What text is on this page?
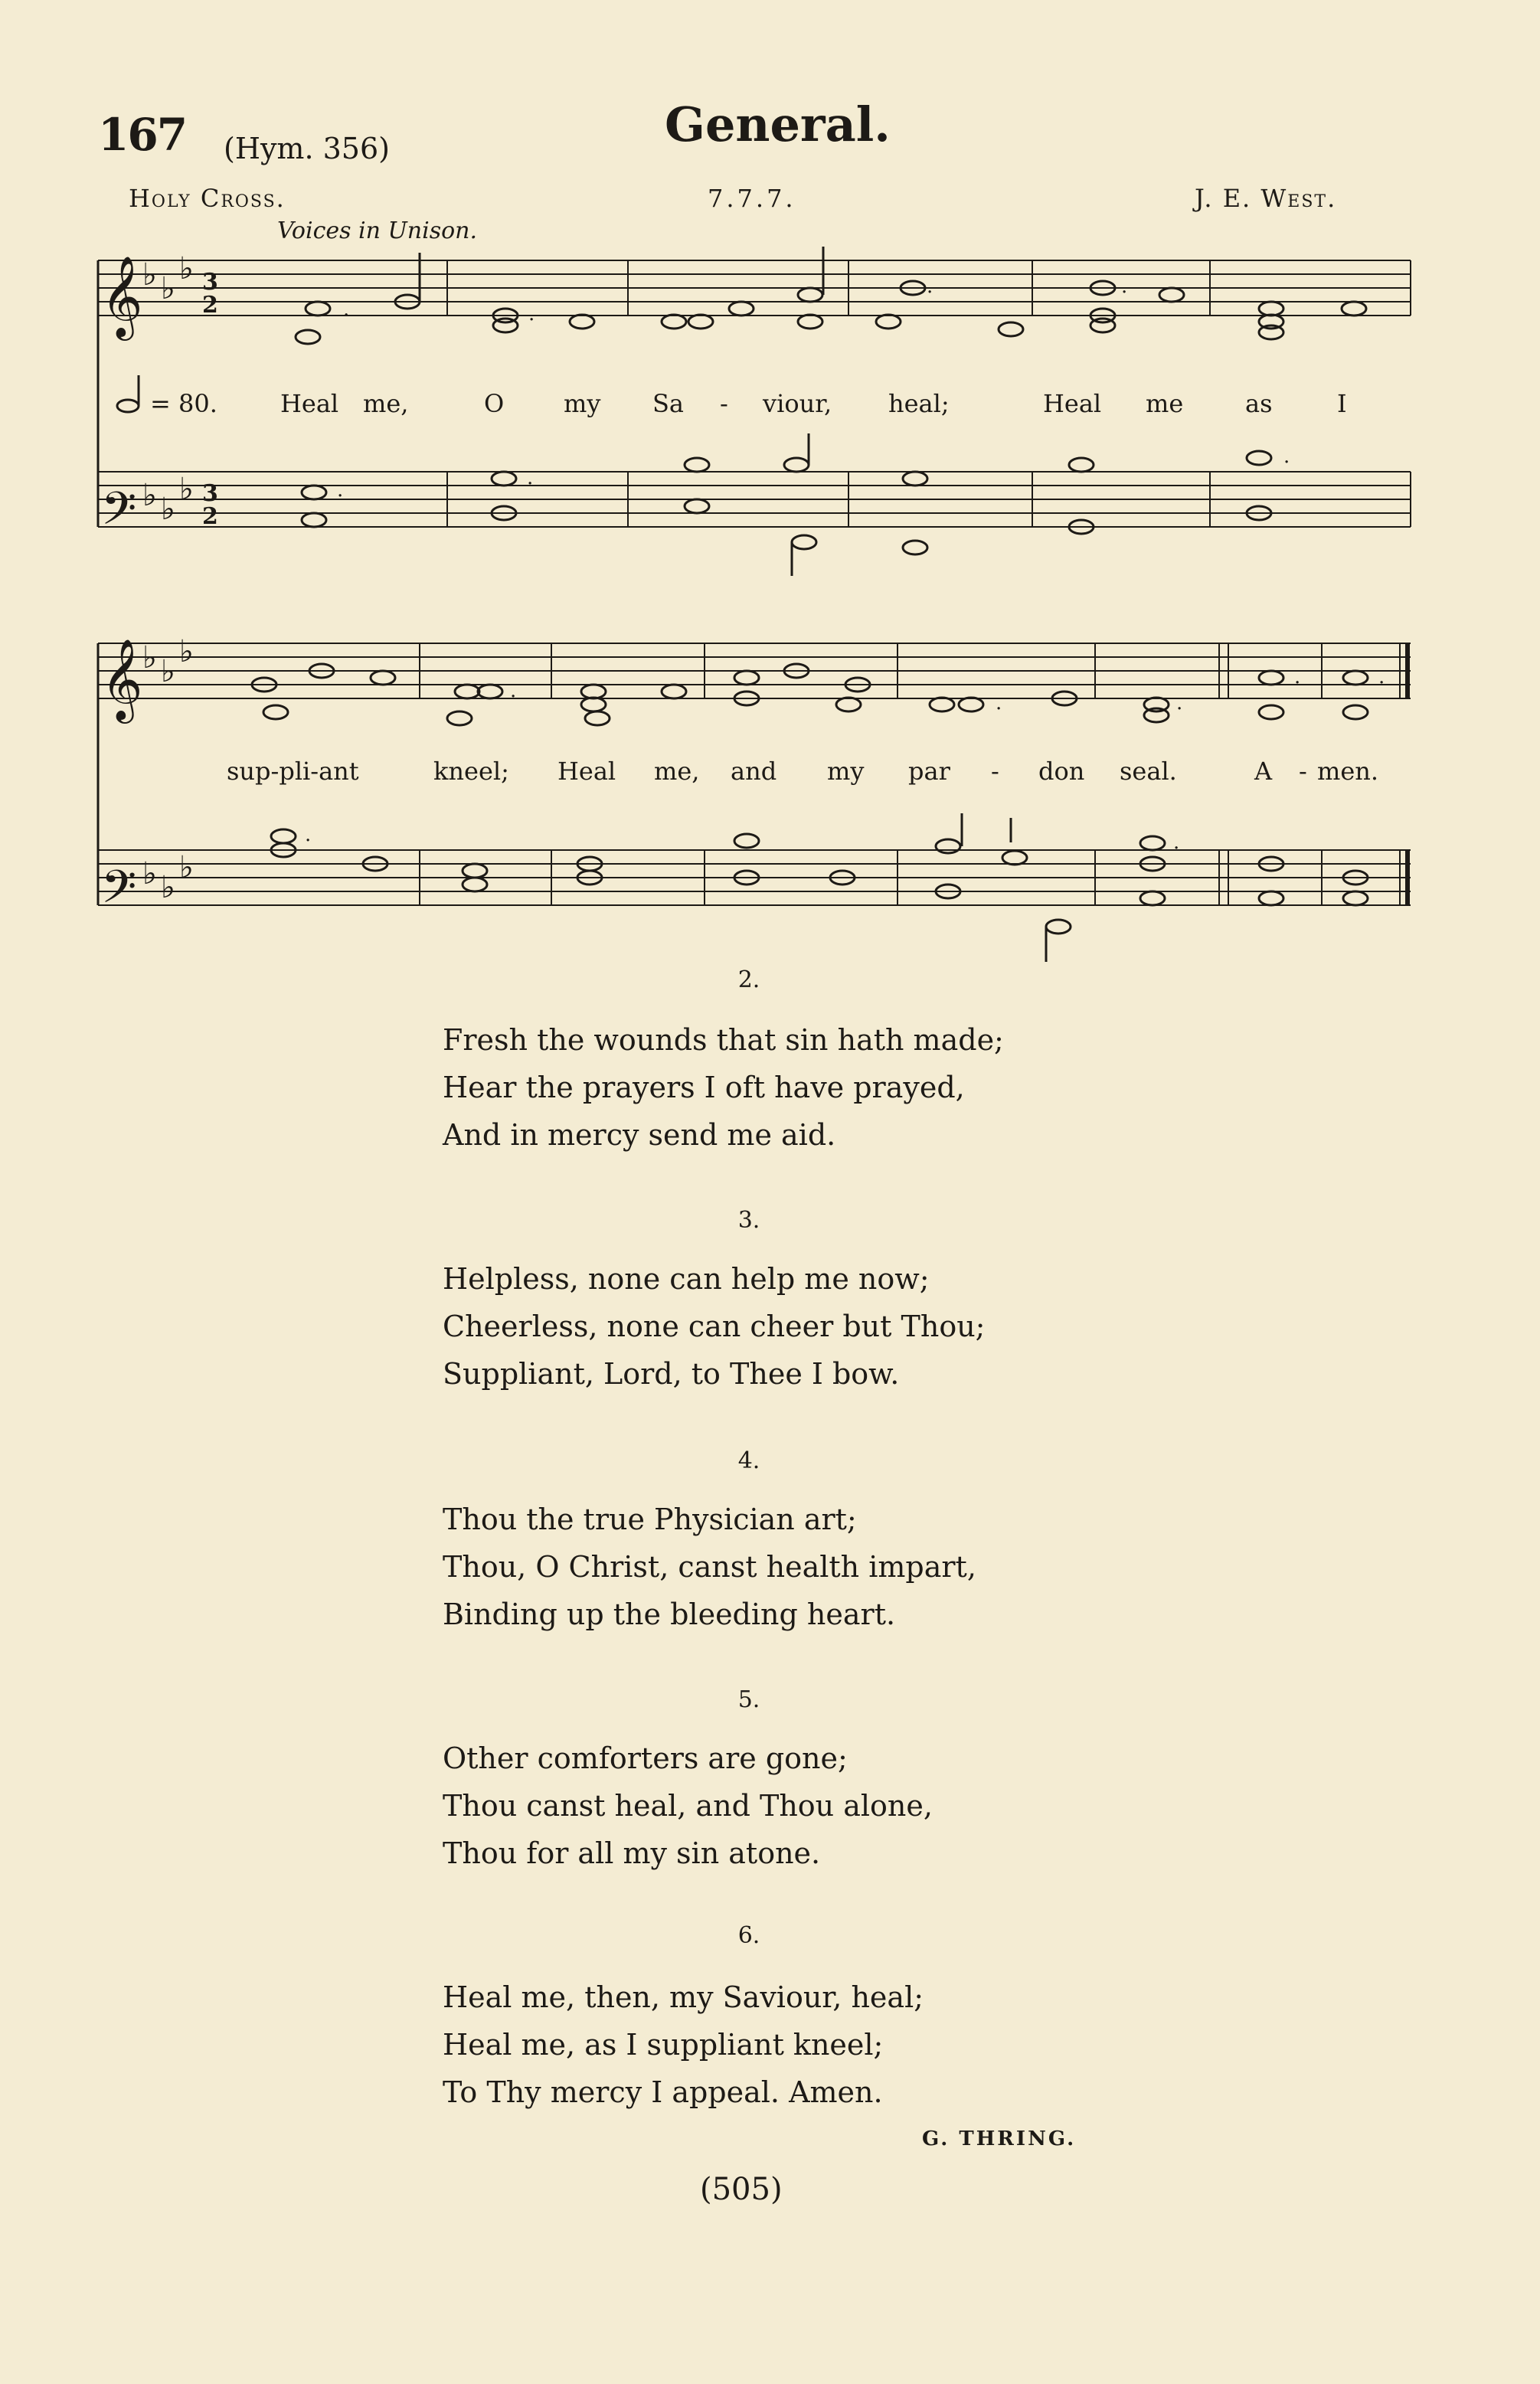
167 (Hym. 356)	General.
Holy Cross.	7.7.7.	J. E. West.
Voices in Unison.
𝄞 ♭ ♭
♭ 3
2
𝄢 ♭ ♭
♭ 3
2
.	.
.	.
.
.
.
= 80.	Heal me,	O my Sa - viour, heal;	Heal me	as	I
𝄞 ♭ ♭
♭
𝄢 ♭ ♭
♭
.
.	.
.	.
.	.
sup-pli-ant	kneel; Heal me, and my par - don seal.	A - men.
2.
Fresh the wounds that sin hath made;
Hear the prayers I oft have prayed,
And in mercy send me aid.
3.
Helpless, none can help me now;
Cheerless, none can cheer but Thou;
Suppliant, Lord, to Thee I bow.
4.
Thou the true Physician art;
Thou, O Christ, canst health impart,
Binding up the bleeding heart.
5.
Other comforters are gone;
Thou canst heal, and Thou alone,
Thou for all my sin atone.
6.
Heal me, then, my Saviour, heal;
Heal me, as I suppliant kneel;
To Thy mercy I appeal. Amen.
G. THRING.
(505)
